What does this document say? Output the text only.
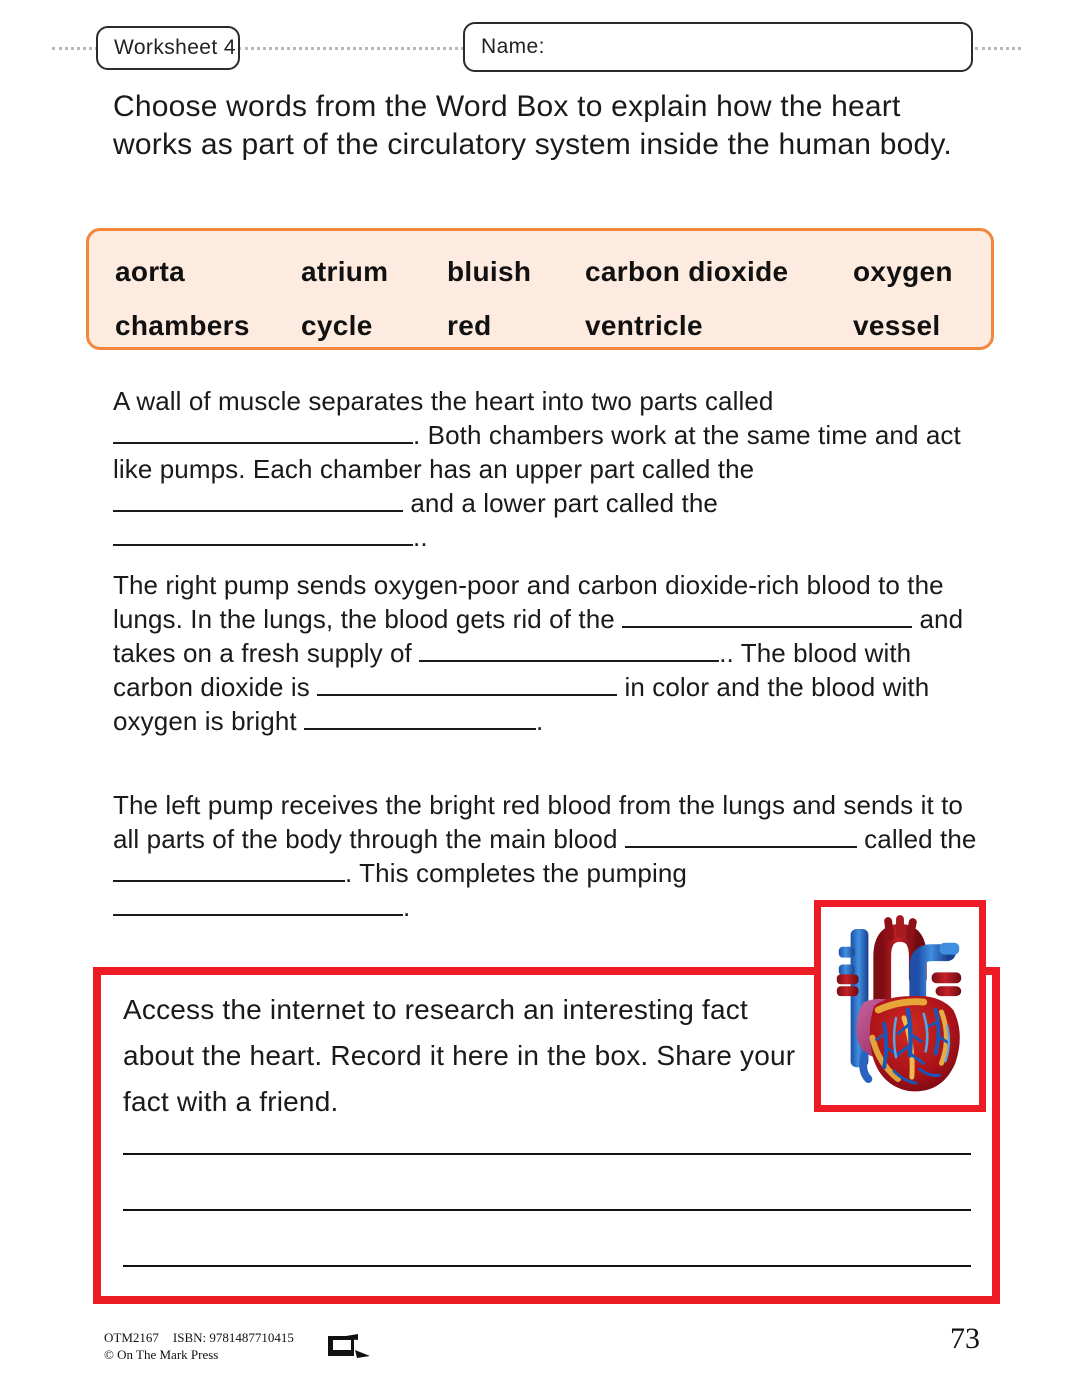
Worksheet 4	Name:
Choose words from the Word Box to explain how the heart works as part of the circulatory system inside the human body.
aorta	atrium	bluish	carbon dioxide	oxygen
chambers	cycle	red	ventricle	vessel
A wall of muscle separates the heart into two parts called . Both chambers work at the same time and act like pumps. Each chamber has an upper part called the  and a lower part called the ..
The right pump sends oxygen-poor and carbon dioxide-rich blood to the lungs. In the lungs, the blood gets rid of the	and takes on a fresh supply of	.. The blood with carbon dioxide is	in color and the blood with oxygen is bright	.
The left pump receives the bright red blood from the lungs and sends it to all parts of the body through the main blood	called the . This completes the pumping .
Access the internet to research an interesting fact about the heart. Record it here in the box. Share your fact with a friend.
OTM2167 ISBN: 9781487710415
© On The Mark Press	73
